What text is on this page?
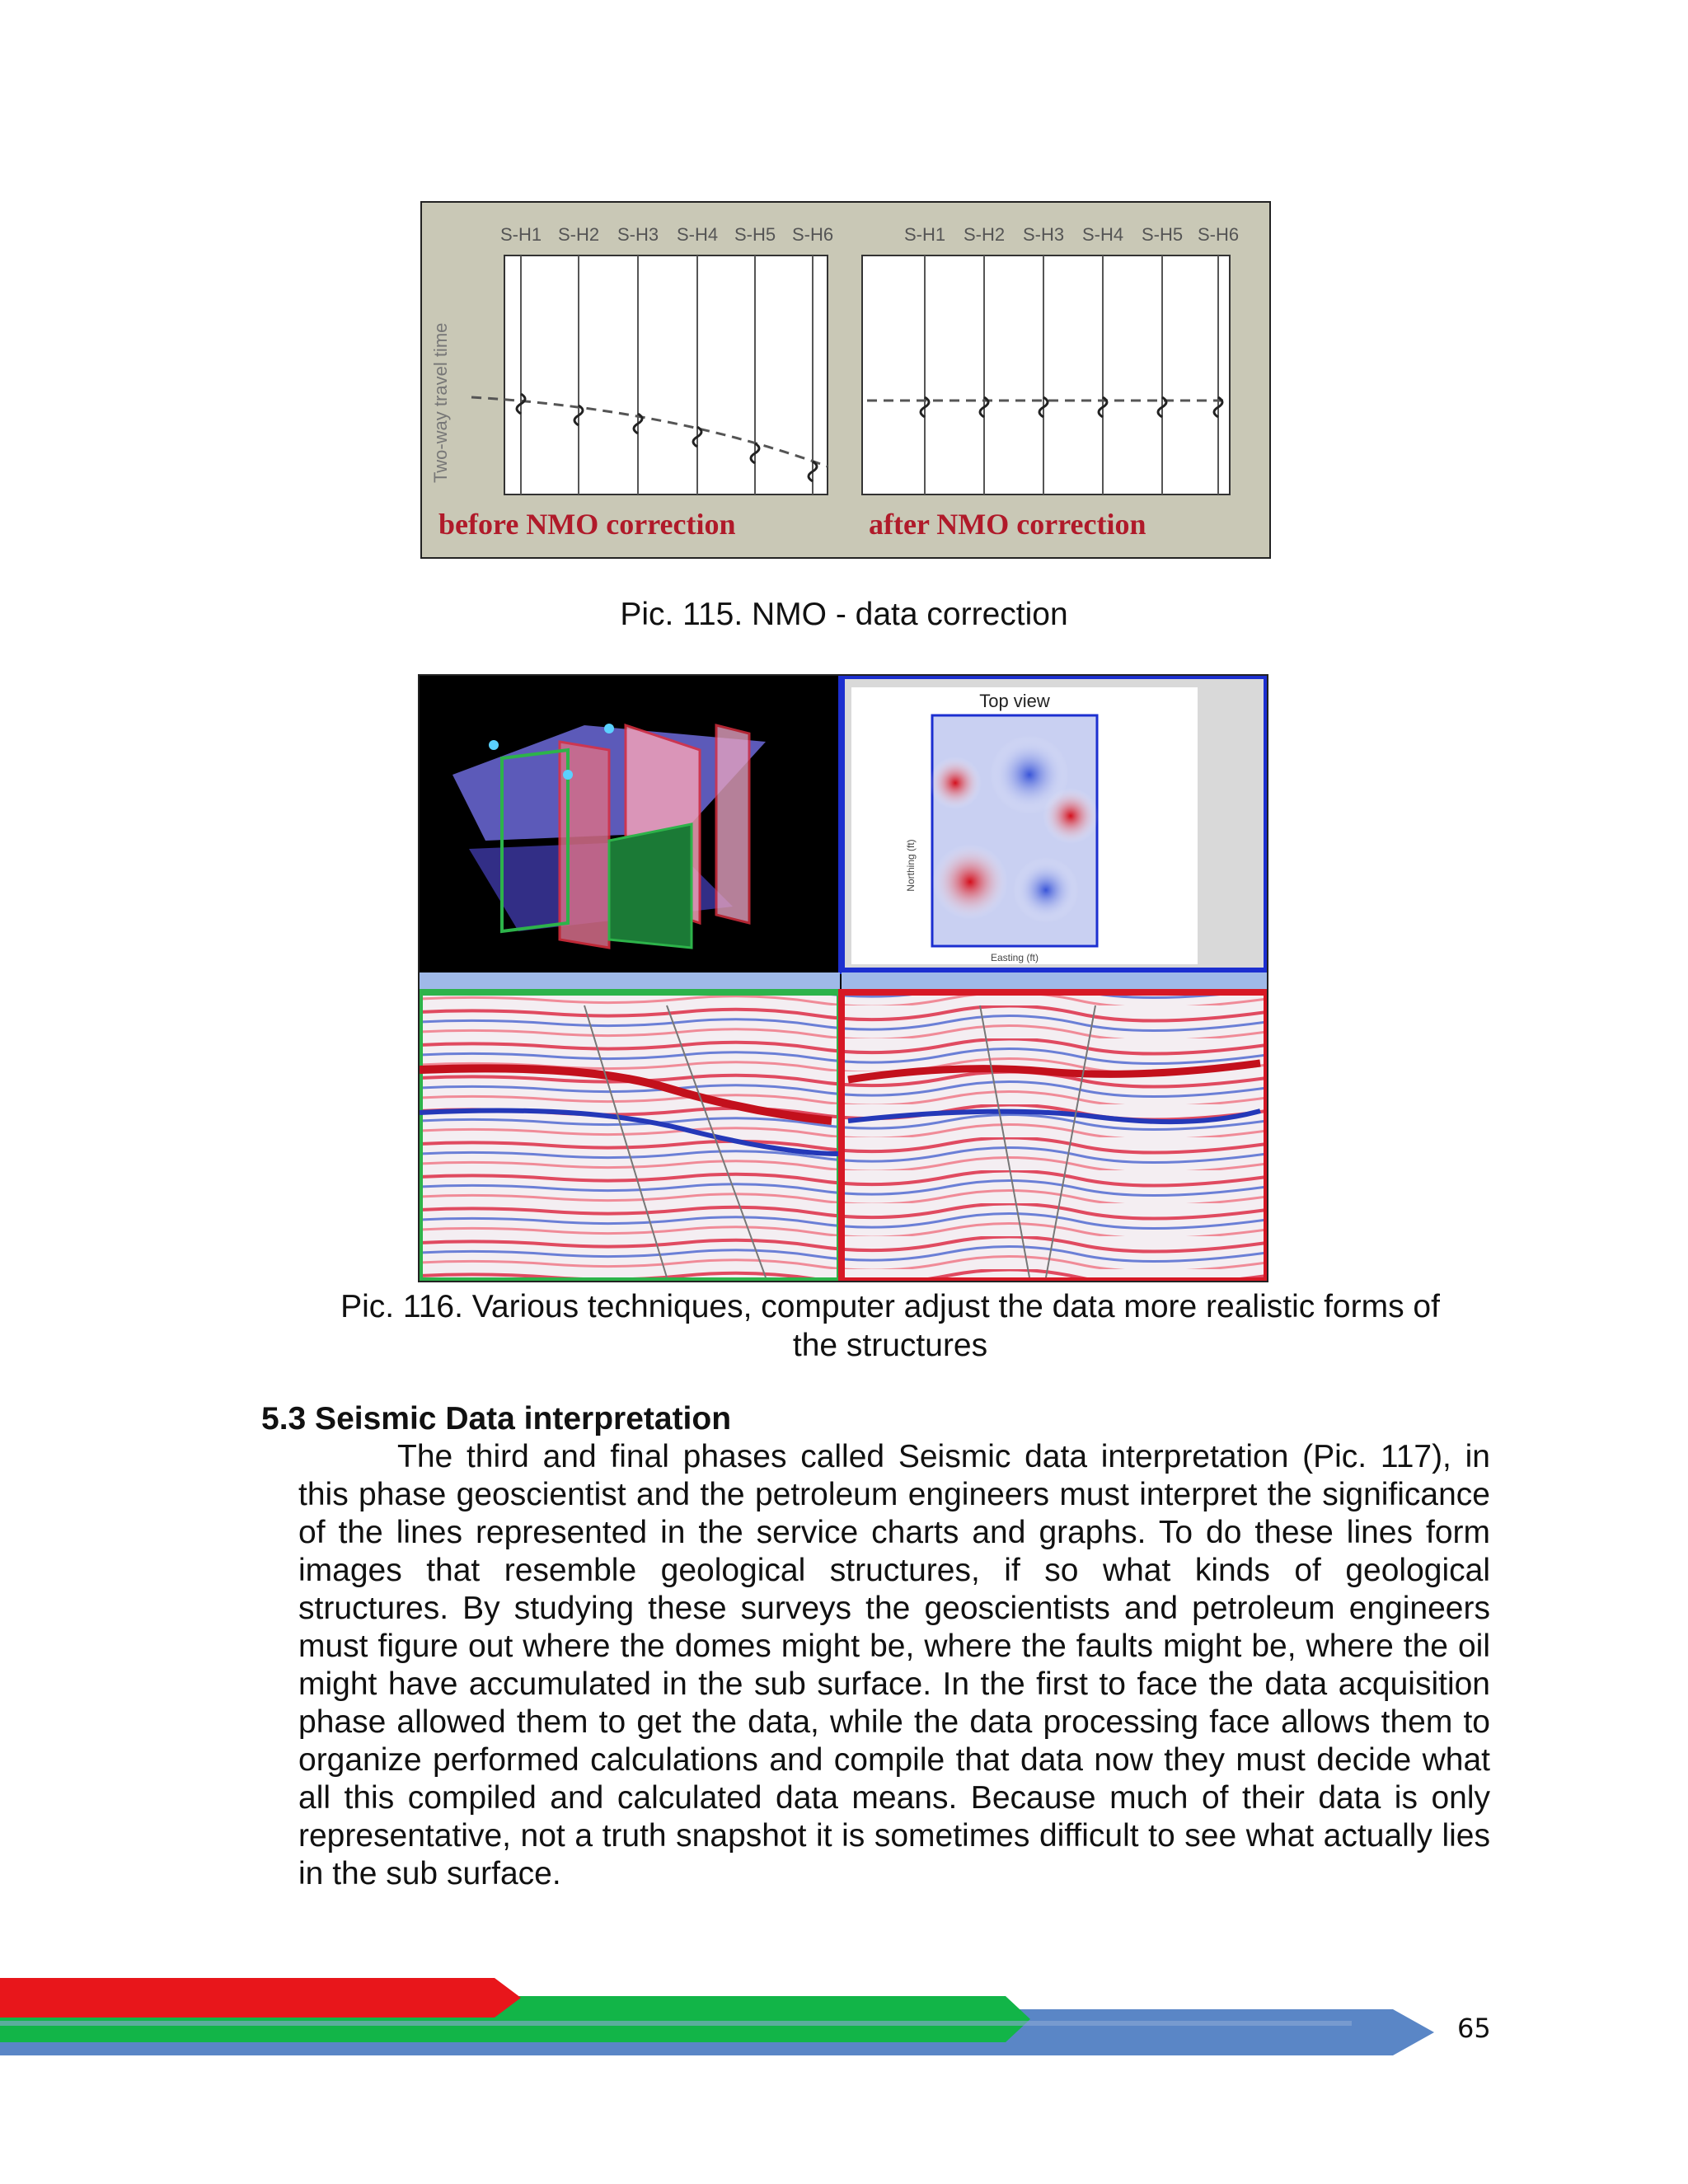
S-H1 S-H2 S-H3 S-H4 S-H5 S-H6	S-H1 S-H2 S-H3 S-H4 S-H5 S-H6
Two-way travel time
before NMO correction	after NMO correction
Pic. 115. NMO - data correction
Top view
Northing (ft)
Easting (ft)
Pic. 116. Various techniques, computer adjust the data more realistic forms of
the structures
5.3 Seismic Data interpretation

The third and final phases called Seismic data interpretation (Pic. 117), in this phase geoscientist and the petroleum engineers must interpret the significance of the lines represented in the service charts and graphs. To do these lines form images that resemble geological structures, if so what kinds of geological structures. By studying these surveys the geoscientists and petroleum engineers must figure out where the domes might be, where the faults might be, where the oil might have accumulated in the sub surface. In the first to face the data acquisition phase allowed them to get the data, while the data processing face allows them to organize performed calculations and compile that data now they must decide what all this compiled and calculated data means. Because much of their data is only representative, not a truth snapshot it is sometimes difficult to see what actually lies in the sub surface.

65
